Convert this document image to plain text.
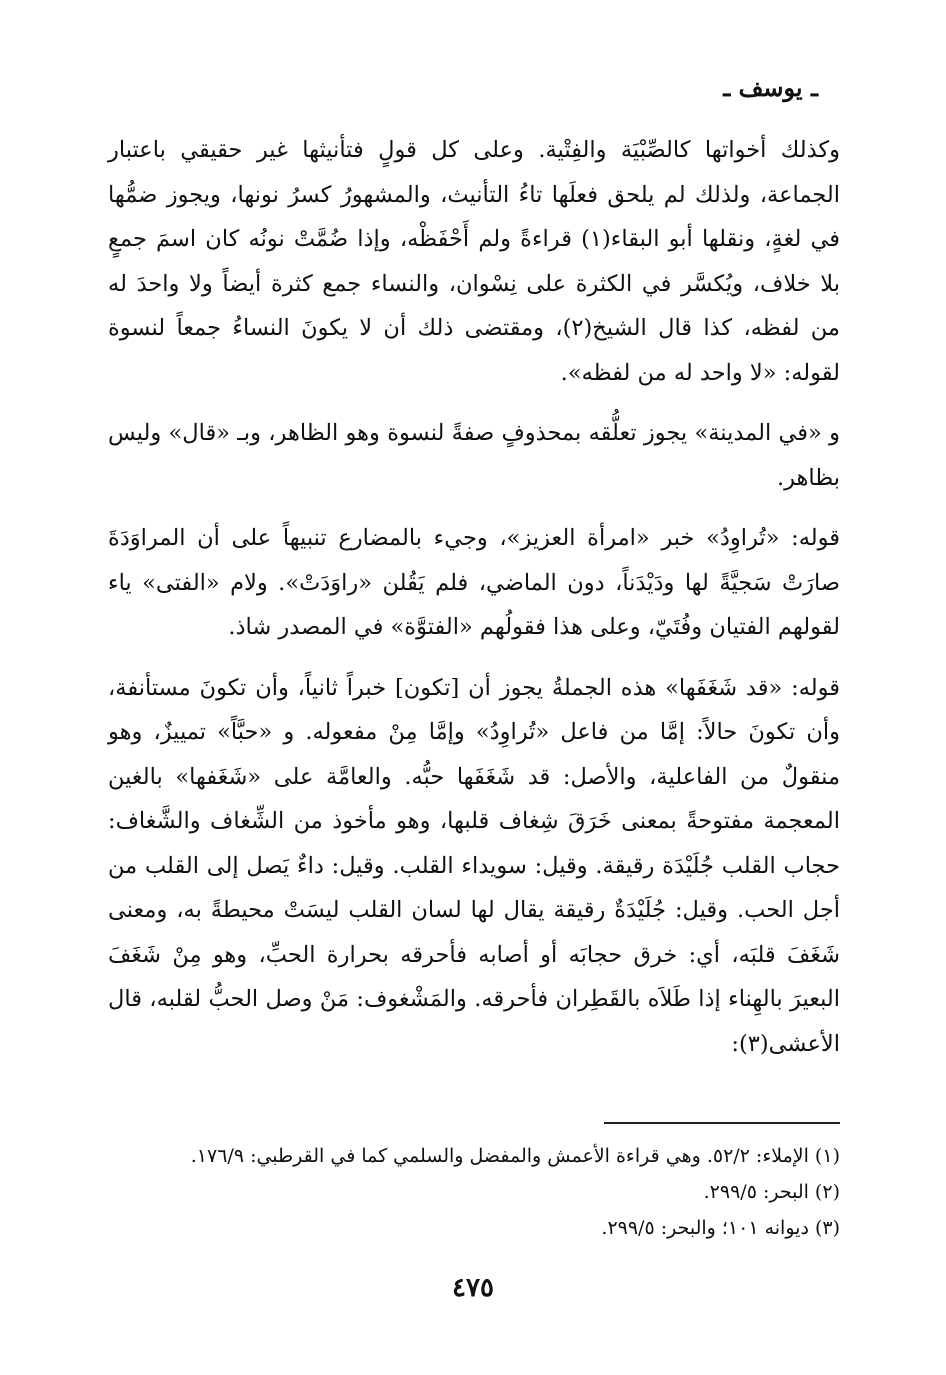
ـ يوسف ـ

وكذلك أخواتها كالصِّبْيَة والفِتْية. وعلى كل قولٍ فتأنيثها غير حقيقي باعتبار الجماعة، ولذلك لم يلحق فعلَها تاءُ التأنيث، والمشهورُ كسرُ نونها، ويجوز ضمُّها في لغةٍ، ونقلها أبو البقاء(١) قراءةً ولم أَحْفَظْه، وإذا ضُمَّتْ نونُه كان اسمَ جمعٍ بلا خلاف، ويُكسَّر في الكثرة على نِسْوان، والنساء جمع كثرة أيضاً ولا واحدَ له من لفظه، كذا قال الشيخ(٢)، ومقتضى ذلك أن لا يكونَ النساءُ جمعاً لنسوة لقوله: «لا واحد له من لفظه».

و «في المدينة» يجوز تعلُّقه بمحذوفٍ صفةً لنسوة وهو الظاهر، وبـ «قال» وليس بظاهر.

قوله: «تُراوِدُ» خبر «امرأة العزيز»، وجيء بالمضارع تنبيهاً على أن المراوَدَةَ صارَتْ سَجيَّةً لها ودَيْدَناً، دون الماضي، فلم يَقُلن «راوَدَتْ». ولام «الفتى» ياء لقولهم الفتيان وفُتَيّ، وعلى هذا فقولُهم «الفتوَّة» في المصدر شاذ.

قوله: «قد شَغَفَها» هذه الجملةُ يجوز أن [تكون] خبراً ثانياً، وأن تكونَ مستأنفة، وأن تكونَ حالاً: إمَّا من فاعل «تُراوِدُ» وإمَّا مِنْ مفعوله. و «حبَّاً» تمييزٌ، وهو منقولٌ من الفاعلية، والأصل: قد شَغَفَها حبُّه. والعامَّة على «شَغَفها» بالغين المعجمة مفتوحةً بمعنى خَرَقَ شِغاف قلبها، وهو مأخوذ من الشِّغاف والشَّغاف: حجاب القلب جُلَيْدَة رقيقة. وقيل: سويداء القلب. وقيل: داءٌ يَصل إلى القلب من أجل الحب. وقيل: جُلَيْدَةٌ رقيقة يقال لها لسان القلب ليسَتْ محيطةً به، ومعنى شَغَفَ قلبَه، أي: خرق حجابَه أو أصابه فأحرقه بحرارة الحبِّ، وهو مِنْ شَغَفَ البعيرَ بالهِناء إذا طَلاَه بالقَطِران فأحرقه. والمَشْغوف: مَنْ وصل الحبُّ لقلبه، قال الأعشى(٣):

(١) الإملاء: ٥٢/٢. وهي قراءة الأعمش والمفضل والسلمي كما في القرطبي: ١٧٦/٩.
(٢) البحر: ٢٩٩/٥.
(٣) ديوانه ١٠١؛ والبحر: ٢٩٩/٥.
٤٧٥
